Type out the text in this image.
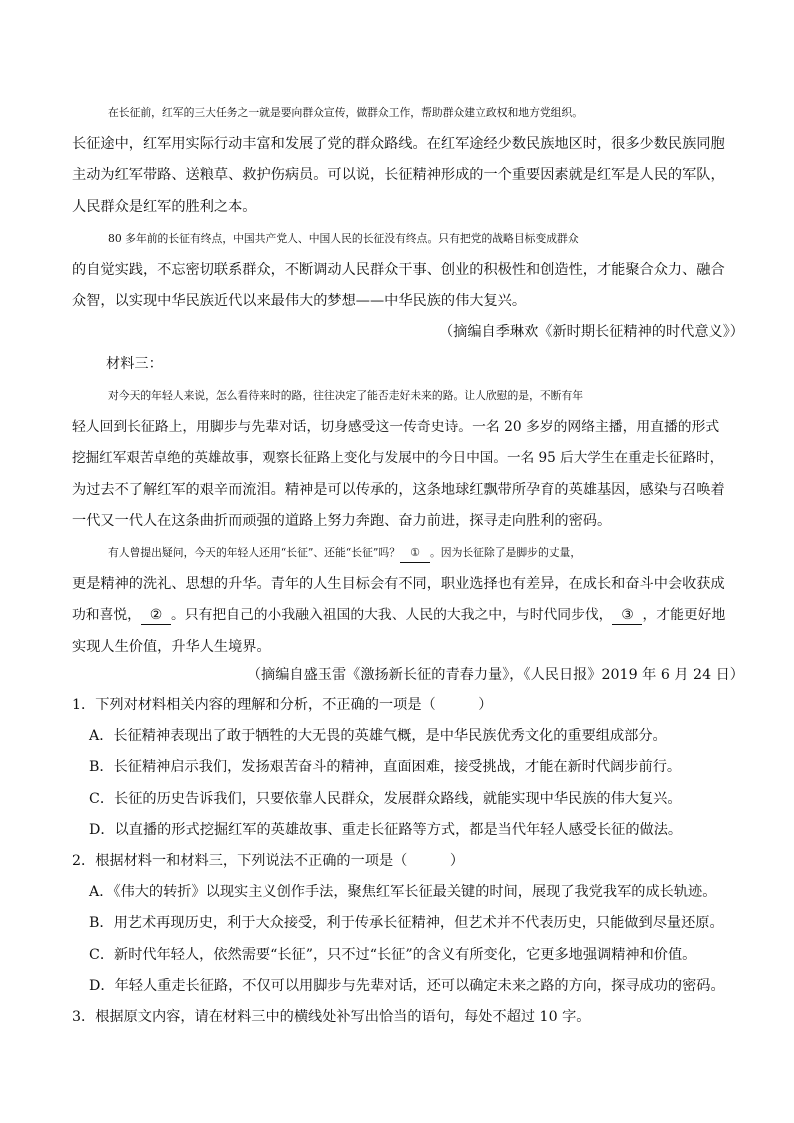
在长征前，红军的三大任务之一就是要向群众宣传，做群众工作，帮助群众建立政权和地方党组织。
长征途中，红军用实际行动丰富和发展了党的群众路线。在红军途经少数民族地区时，很多少数民族同胞
主动为红军带路、送粮草、救护伤病员。可以说，长征精神形成的一个重要因素就是红军是人民的军队，
人民群众是红军的胜利之本。
80 多年前的长征有终点，中国共产党人、中国人民的长征没有终点。只有把党的战略目标变成群众
的自觉实践，不忘密切联系群众，不断调动人民群众干事、创业的积极性和创造性，才能聚合众力、融合
众智，以实现中华民族近代以来最伟大的梦想——中华民族的伟大复兴。
（摘编自季琳欢《新时期长征精神的时代意义》）
材料三：
对今天的年轻人来说，怎么看待来时的路，往往决定了能否走好未来的路。让人欣慰的是，不断有年
轻人回到长征路上，用脚步与先辈对话，切身感受这一传奇史诗。一名 20 多岁的网络主播，用直播的形式
挖掘红军艰苦卓绝的英雄故事，观察长征路上变化与发展中的今日中国。一名 95 后大学生在重走长征路时，
为过去不了解红军的艰辛而流泪。精神是可以传承的，这条地球红飘带所孕育的英雄基因，感染与召唤着
一代又一代人在这条曲折而顽强的道路上努力奔跑、奋力前进，探寻走向胜利的密码。
有人曾提出疑问，今天的年轻人还用“长征”、还能“长征”吗？ ① 。因为长征除了是脚步的丈量，
更是精神的洗礼、思想的升华。青年的人生目标会有不同，职业选择也有差异，在成长和奋斗中会收获成
功和喜悦， ② 。只有把自己的小我融入祖国的大我、人民的大我之中，与时代同步伐， ③ ，才能更好地
实现人生价值，升华人生境界。
（摘编自盛玉雷《激扬新长征的青春力量》，《人民日报》2019 年 6 月 24 日）
1．下列对材料相关内容的理解和分析，不正确的一项是（　　　）
A．长征精神表现出了敢于牺牲的大无畏的英雄气概，是中华民族优秀文化的重要组成部分。
B．长征精神启示我们，发扬艰苦奋斗的精神，直面困难，接受挑战，才能在新时代阔步前行。
C．长征的历史告诉我们，只要依靠人民群众，发展群众路线，就能实现中华民族的伟大复兴。
D．以直播的形式挖掘红军的英雄故事、重走长征路等方式，都是当代年轻人感受长征的做法。
2．根据材料一和材料三，下列说法不正确的一项是（　　　）
A．《伟大的转折》以现实主义创作手法，聚焦红军长征最关键的时间，展现了我党我军的成长轨迹。
B．用艺术再现历史，利于大众接受，利于传承长征精神，但艺术并不代表历史，只能做到尽量还原。
C．新时代年轻人，依然需要“长征”，只不过“长征”的含义有所变化，它更多地强调精神和价值。
D．年轻人重走长征路，不仅可以用脚步与先辈对话，还可以确定未来之路的方向，探寻成功的密码。
3．根据原文内容，请在材料三中的横线处补写出恰当的语句，每处不超过 10 字。
